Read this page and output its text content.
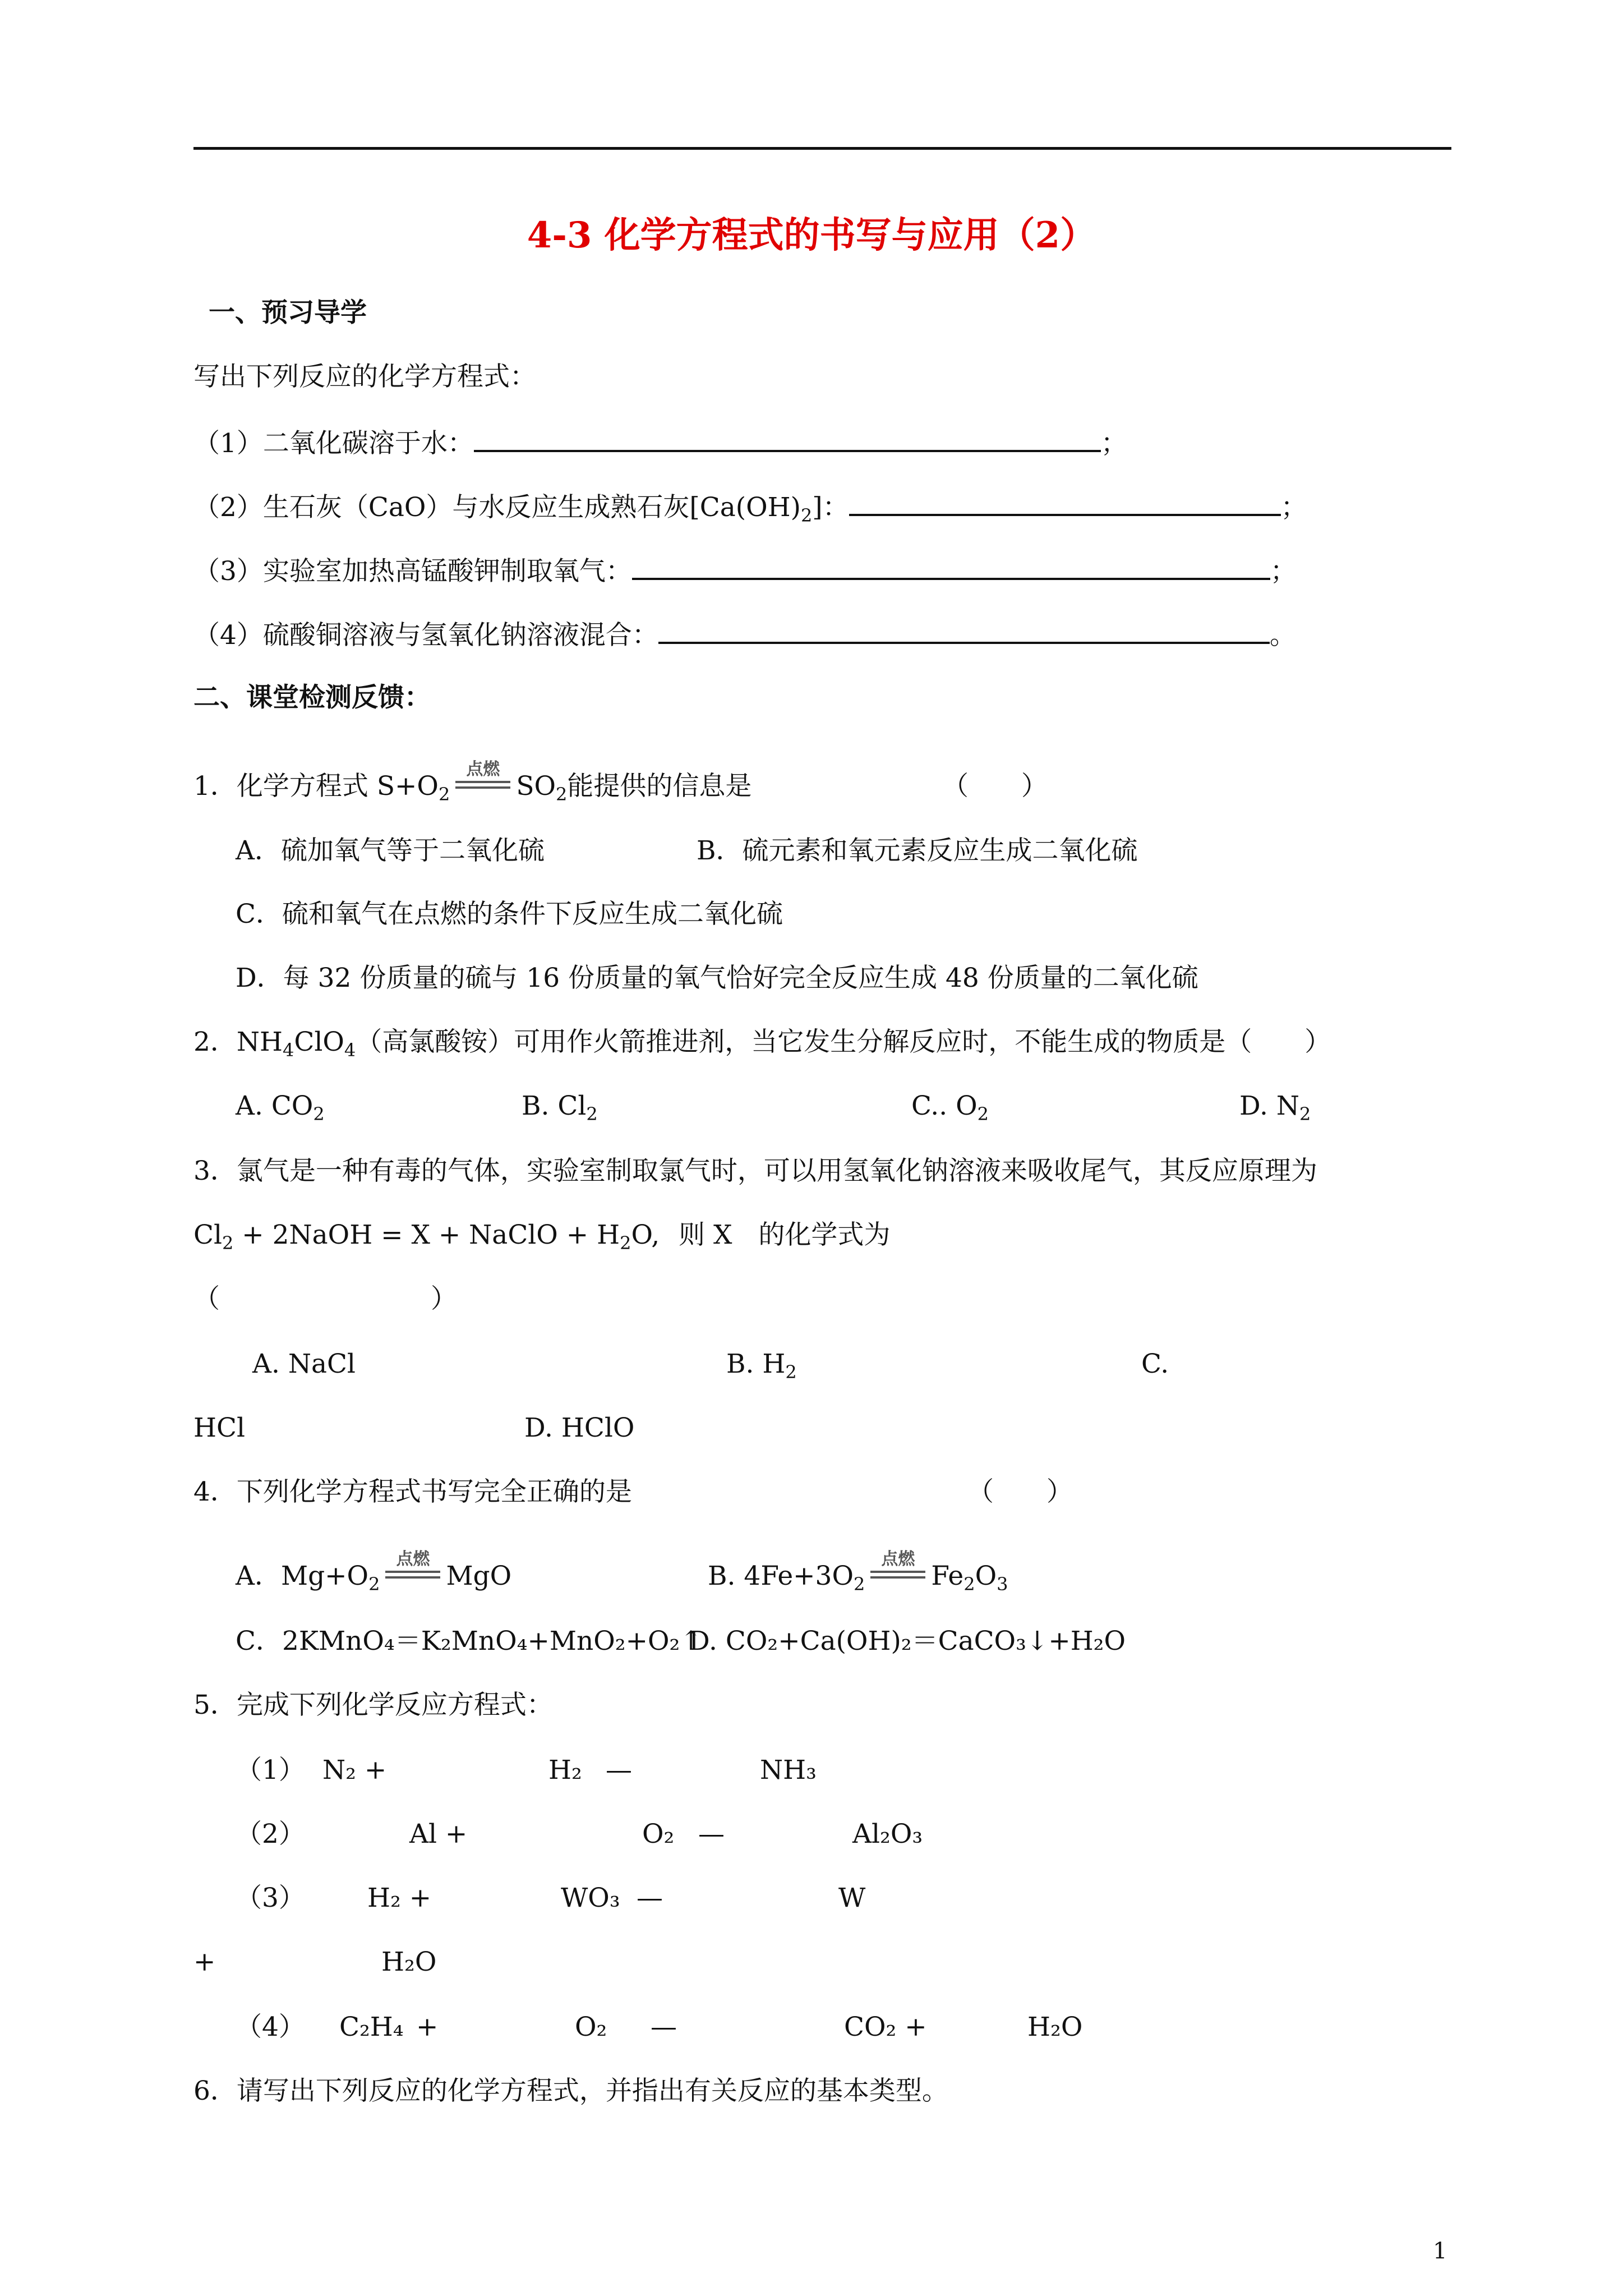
4-3 化学方程式的书写与应用（2）
一、预习导学
写出下列反应的化学方程式：
（1）二氧化碳溶于水：	；
（2）生石灰（CaO）与水反应生成熟石灰$[Ca(OH)_2]$：	；
（3）实验室加热高锰酸钾制取氧气：	；
（4）硫酸铜溶液与氢氧化钠溶液混合：	。
二、课堂检测反馈：
1．化学方程式 $S+O_2$
点燃
$SO_2$能提供的信息是	（　　）
A．硫加氧气等于二氧化硫	B．硫元素和氧元素反应生成二氧化硫
C．硫和氧气在点燃的条件下反应生成二氧化硫
D．每 32 份质量的硫与 16 份质量的氧气恰好完全反应生成 48 份质量的二氧化硫
2．$NH_4ClO_4$（高氯酸铵）可用作火箭推进剂，当它发生分解反应时，不能生成的物质是（　　）
A. $CO_2$	B. $Cl_2$	C.. $O_2$	D. $N_2$
3．氯气是一种有毒的气体，实验室制取氯气时，可以用氢氧化钠溶液来吸收尾气，其反应原理为
$Cl_2$ + 2NaOH = X + NaClO + $H_2O$, 则 X　的化学式为
（　　　　　　　　）
A. NaCl	B. $H_2$	C.
HCl	D. HClO
4．下列化学方程式书写完全正确的是	（　　）
A．$Mg+O_2$
点燃
MgO	B. $4Fe+3O_2$
点燃
$Fe_2O_3$
C．2KMnO₄＝K₂MnO₄+MnO₂+O₂↑
D. CO₂+Ca(OH)₂＝CaCO₃↓+H₂O
5．完成下列化学反应方程式：
（1） N₂ +	H₂ —	NH₃
（2）	Al +	O₂ —	Al₂O₃
（3） H₂ +	WO₃ —	W
+	H₂O
（4） C₂H₄ +	O₂ —	CO₂ +	H₂O
6．请写出下列反应的化学方程式，并指出有关反应的基本类型。
1
